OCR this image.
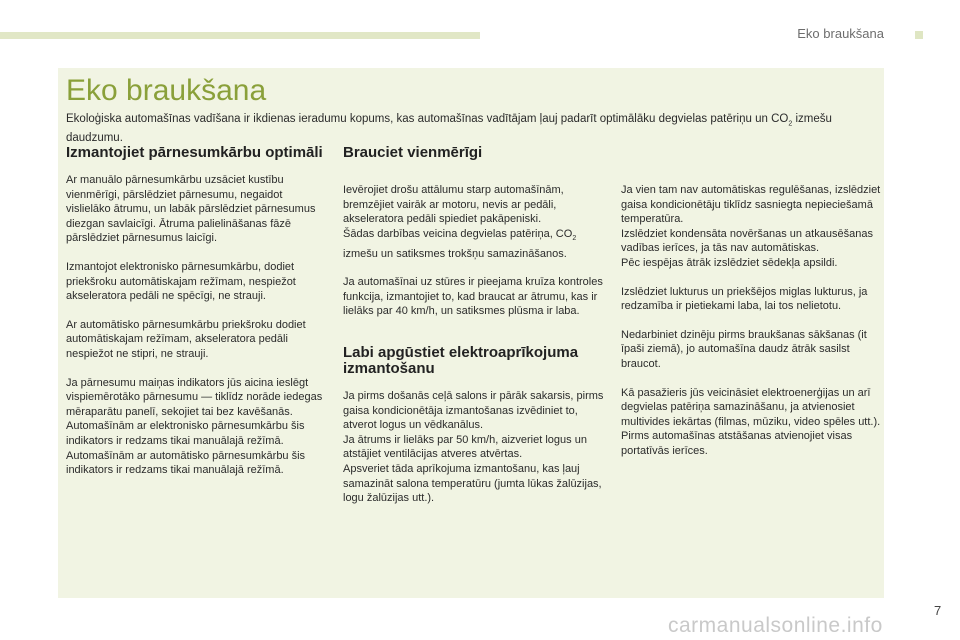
Eko braukšana
Eko braukšana
Ekoloģiska automašīnas vadīšana ir ikdienas ieradumu kopums, kas automašīnas vadītājam ļauj padarīt optimālāku degvielas patēriņu un $CO_2$ izmešu daudzumu.
Izmantojiet pārnesumkārbu optimāli

Ar manuālo pārnesumkārbu uzsāciet kustību vienmērīgi, pārslēdziet pārnesumu, negaidot vislielāko ātrumu, un labāk pārslēdziet pārnesumus diezgan savlaicīgi. Ātruma palielināšanas fāzē pārslēdziet pārnesumus laicīgi.

Izmantojot elektronisko pārnesumkārbu, dodiet priekšroku automātiskajam režīmam, nespiežot akseleratora pedāli ne spēcīgi, ne strauji.

Ar automātisko pārnesumkārbu priekšroku dodiet automātiskajam režīmam, akseleratora pedāli nespiežot ne stipri, ne strauji.

Ja pārnesumu maiņas indikators jūs aicina ieslēgt vispiemērotāko pārnesumu — tiklīdz norāde iedegas mēraparātu panelī, sekojiet tai bez kavēšanās.
Automašīnām ar elektronisko pārnesumkārbu šis indikators ir redzams tikai manuālajā režīmā.
Automašīnām ar automātisko pārnesumkārbu šis indikators ir redzams tikai manuālajā režīmā.

Brauciet vienmērīgi

Ievērojiet drošu attālumu starp automašīnām, bremzējiet vairāk ar motoru, nevis ar pedāli, akseleratora pedāli spiediet pakāpeniski.
Šādas darbības veicina degvielas patēriņa, $CO_2$ izmešu un satiksmes trokšņu samazināšanos.

Ja automašīnai uz stūres ir pieejama kruīza kontroles funkcija, izmantojiet to, kad braucat ar ātrumu, kas ir lielāks par 40 km/h, un satiksmes plūsma ir laba.

Labi apgūstiet elektroaprīkojuma izmantošanu

Ja pirms došanās ceļā salons ir pārāk sakarsis, pirms gaisa kondicionētāja izmantošanas izvēdiniet to, atverot logus un vēdkanālus.
Ja ātrums ir lielāks par 50 km/h, aizveriet logus un atstājiet ventilācijas atveres atvērtas.
Apsveriet tāda aprīkojuma izmantošanu, kas ļauj samazināt salona temperatūru (jumta lūkas žalūzijas, logu žalūzijas utt.).

Ja vien tam nav automātiskas regulēšanas, izslēdziet gaisa kondicionētāju tiklīdz sasniegta nepieciešamā temperatūra.
Izslēdziet kondensāta novēršanas un atkausēšanas vadības ierīces, ja tās nav automātiskas.
Pēc iespējas ātrāk izslēdziet sēdekļa apsildi.

Izslēdziet lukturus un priekšējos miglas lukturus, ja redzamība ir pietiekami laba, lai tos nelietotu.

Nedarbiniet dzinēju pirms braukšanas sākšanas (it īpaši ziemā), jo automašīna daudz ātrāk sasilst braucot.

Kā pasažieris jūs veicināsiet elektroenerģijas un arī degvielas patēriņa samazināšanu, ja atvienosiet multivides iekārtas (filmas, mūziku, video spēles utt.).
Pirms automašīnas atstāšanas atvienojiet visas portatīvās ierīces.

7
carmanualsonline.info
